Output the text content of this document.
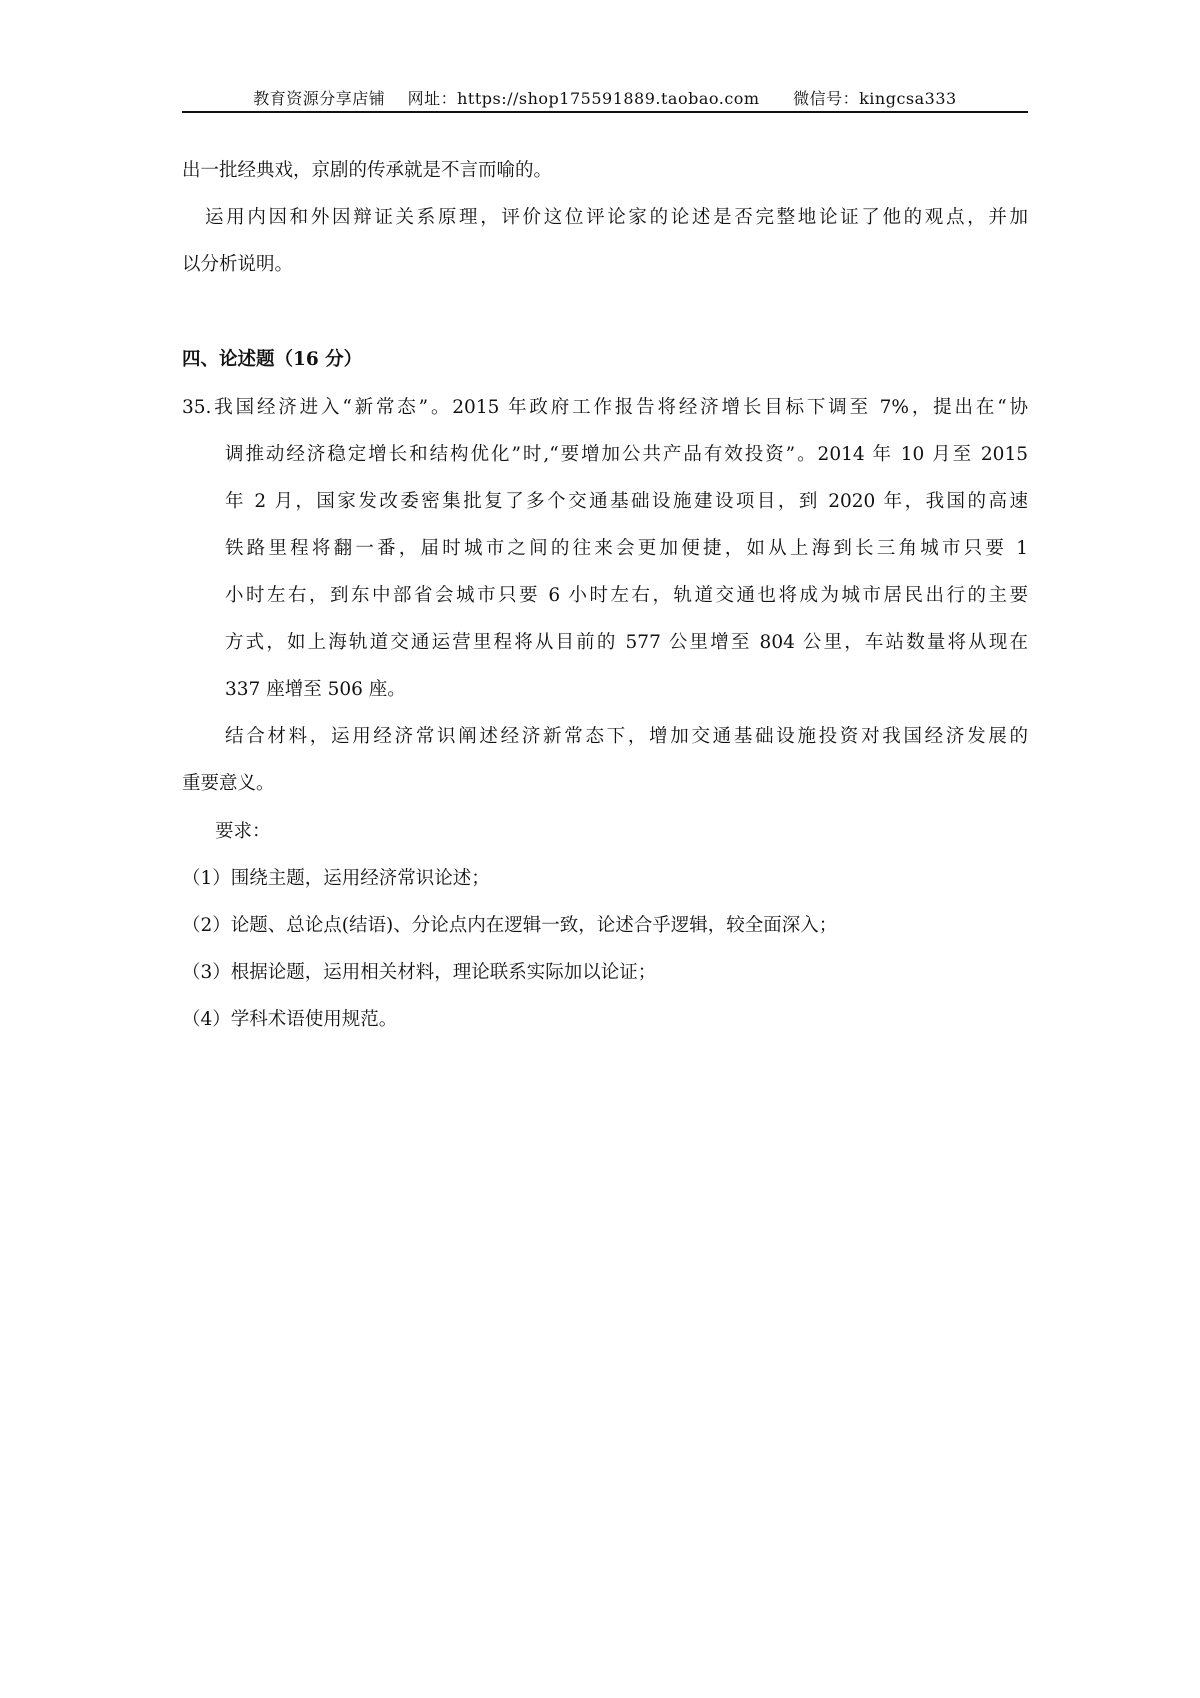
教育资源分享店铺 网址：https://shop175591889.taobao.com 微信号：kingcsa333
出一批经典戏，京剧的传承就是不言而喻的。
运用内因和外因辩证关系原理，评价这位评论家的论述是否完整地论证了他的观点，并加
以分析说明。
四、论述题（16 分）
35.我国经济进入“新常态”。2015 年政府工作报告将经济增长目标下调至 7%，提出在“协
调推动经济稳定增长和结构优化”时,“要增加公共产品有效投资”。2014 年 10 月至 2015
年 2 月，国家发改委密集批复了多个交通基础设施建设项目，到 2020 年，我国的高速
铁路里程将翻一番，届时城市之间的往来会更加便捷，如从上海到长三角城市只要 1
小时左右，到东中部省会城市只要 6 小时左右，轨道交通也将成为城市居民出行的主要
方式，如上海轨道交通运营里程将从目前的 577 公里增至 804 公里，车站数量将从现在
337 座增至 506 座。
结合材料，运用经济常识阐述经济新常态下，增加交通基础设施投资对我国经济发展的
重要意义。
要求：
（1）围绕主题，运用经济常识论述；
（2）论题、总论点(结语)、分论点内在逻辑一致，论述合乎逻辑，较全面深入；
（3）根据论题，运用相关材料，理论联系实际加以论证；
（4）学科术语使用规范。
